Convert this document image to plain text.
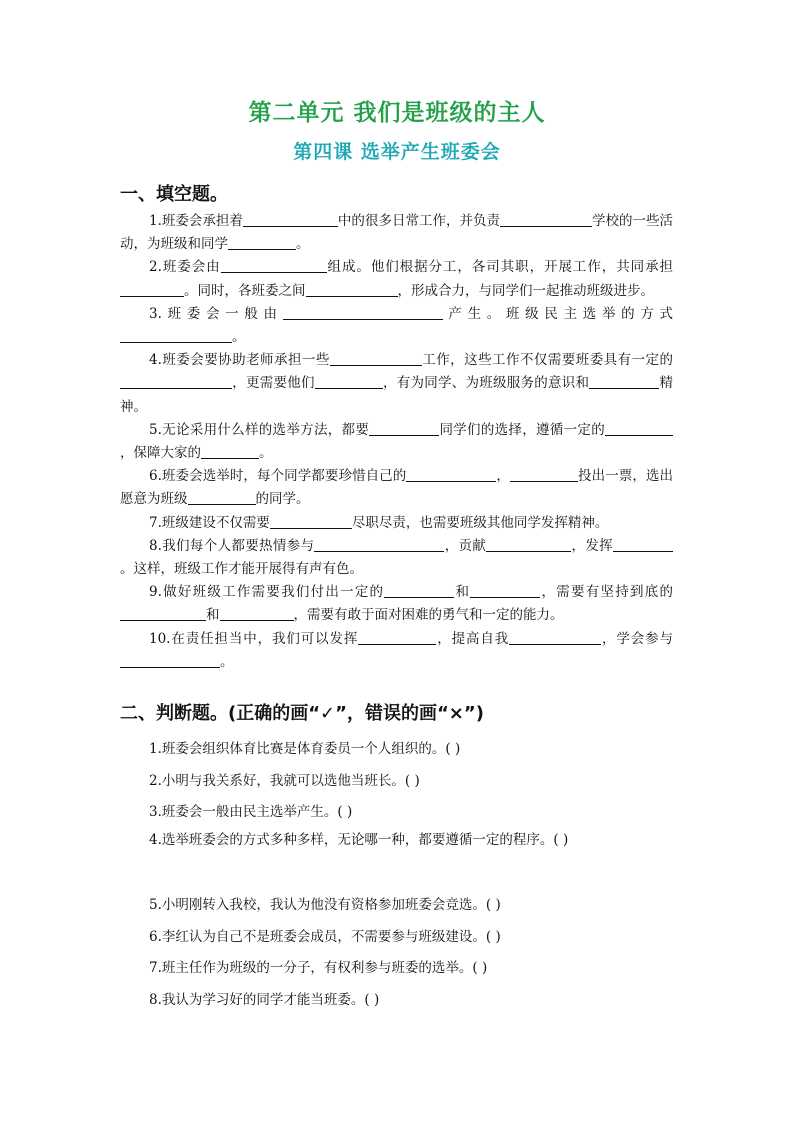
第二单元 我们是班级的主人
第四课 选举产生班委会
一、填空题。

1.班委会承担着	中的很多日常工作，并负责	学校的一些活动，为班级和同学	。

2.班委会由	组成。他们根据分工，各司其职，开展工作，共同承担。同时，各班委之间	，形成合力，与同学们一起推动班级进步。

3.班委会一般由	产生。班级民主选举的方式。

4.班委会要协助老师承担一些	工作，这些工作不仅需要班委具有一定的，更需要他们	，有为同学、为班级服务的意识和	精神。

5.无论采用什么样的选举方法，都要	同学们的选择，遵循一定的，保障大家的	。

6.班委会选举时，每个同学都要珍惜自己的	，	投出一票，选出愿意为班级	的同学。

7.班级建设不仅需要	尽职尽责，也需要班级其他同学发挥精神。

8.我们每个人都要热情参与	，贡献	，发挥。这样，班级工作才能开展得有声有色。

9.做好班级工作需要我们付出一定的	和	，需要有坚持到底的和	，需要有敢于面对困难的勇气和一定的能力。

10.在责任担当中，我们可以发挥	，提高自我	，学会参与。

二、判断题。(正确的画“✓”，错误的画“×”)
1.班委会组织体育比赛是体育委员一个人组织的。( )
2.小明与我关系好，我就可以选他当班长。( )
3.班委会一般由民主选举产生。( )
4.选举班委会的方式多种多样，无论哪一种，都要遵循一定的程序。( )
5.小明刚转入我校，我认为他没有资格参加班委会竞选。( )
6.李红认为自己不是班委会成员，不需要参与班级建设。( )
7.班主任作为班级的一分子，有权利参与班委的选举。( )
8.我认为学习好的同学才能当班委。( )
